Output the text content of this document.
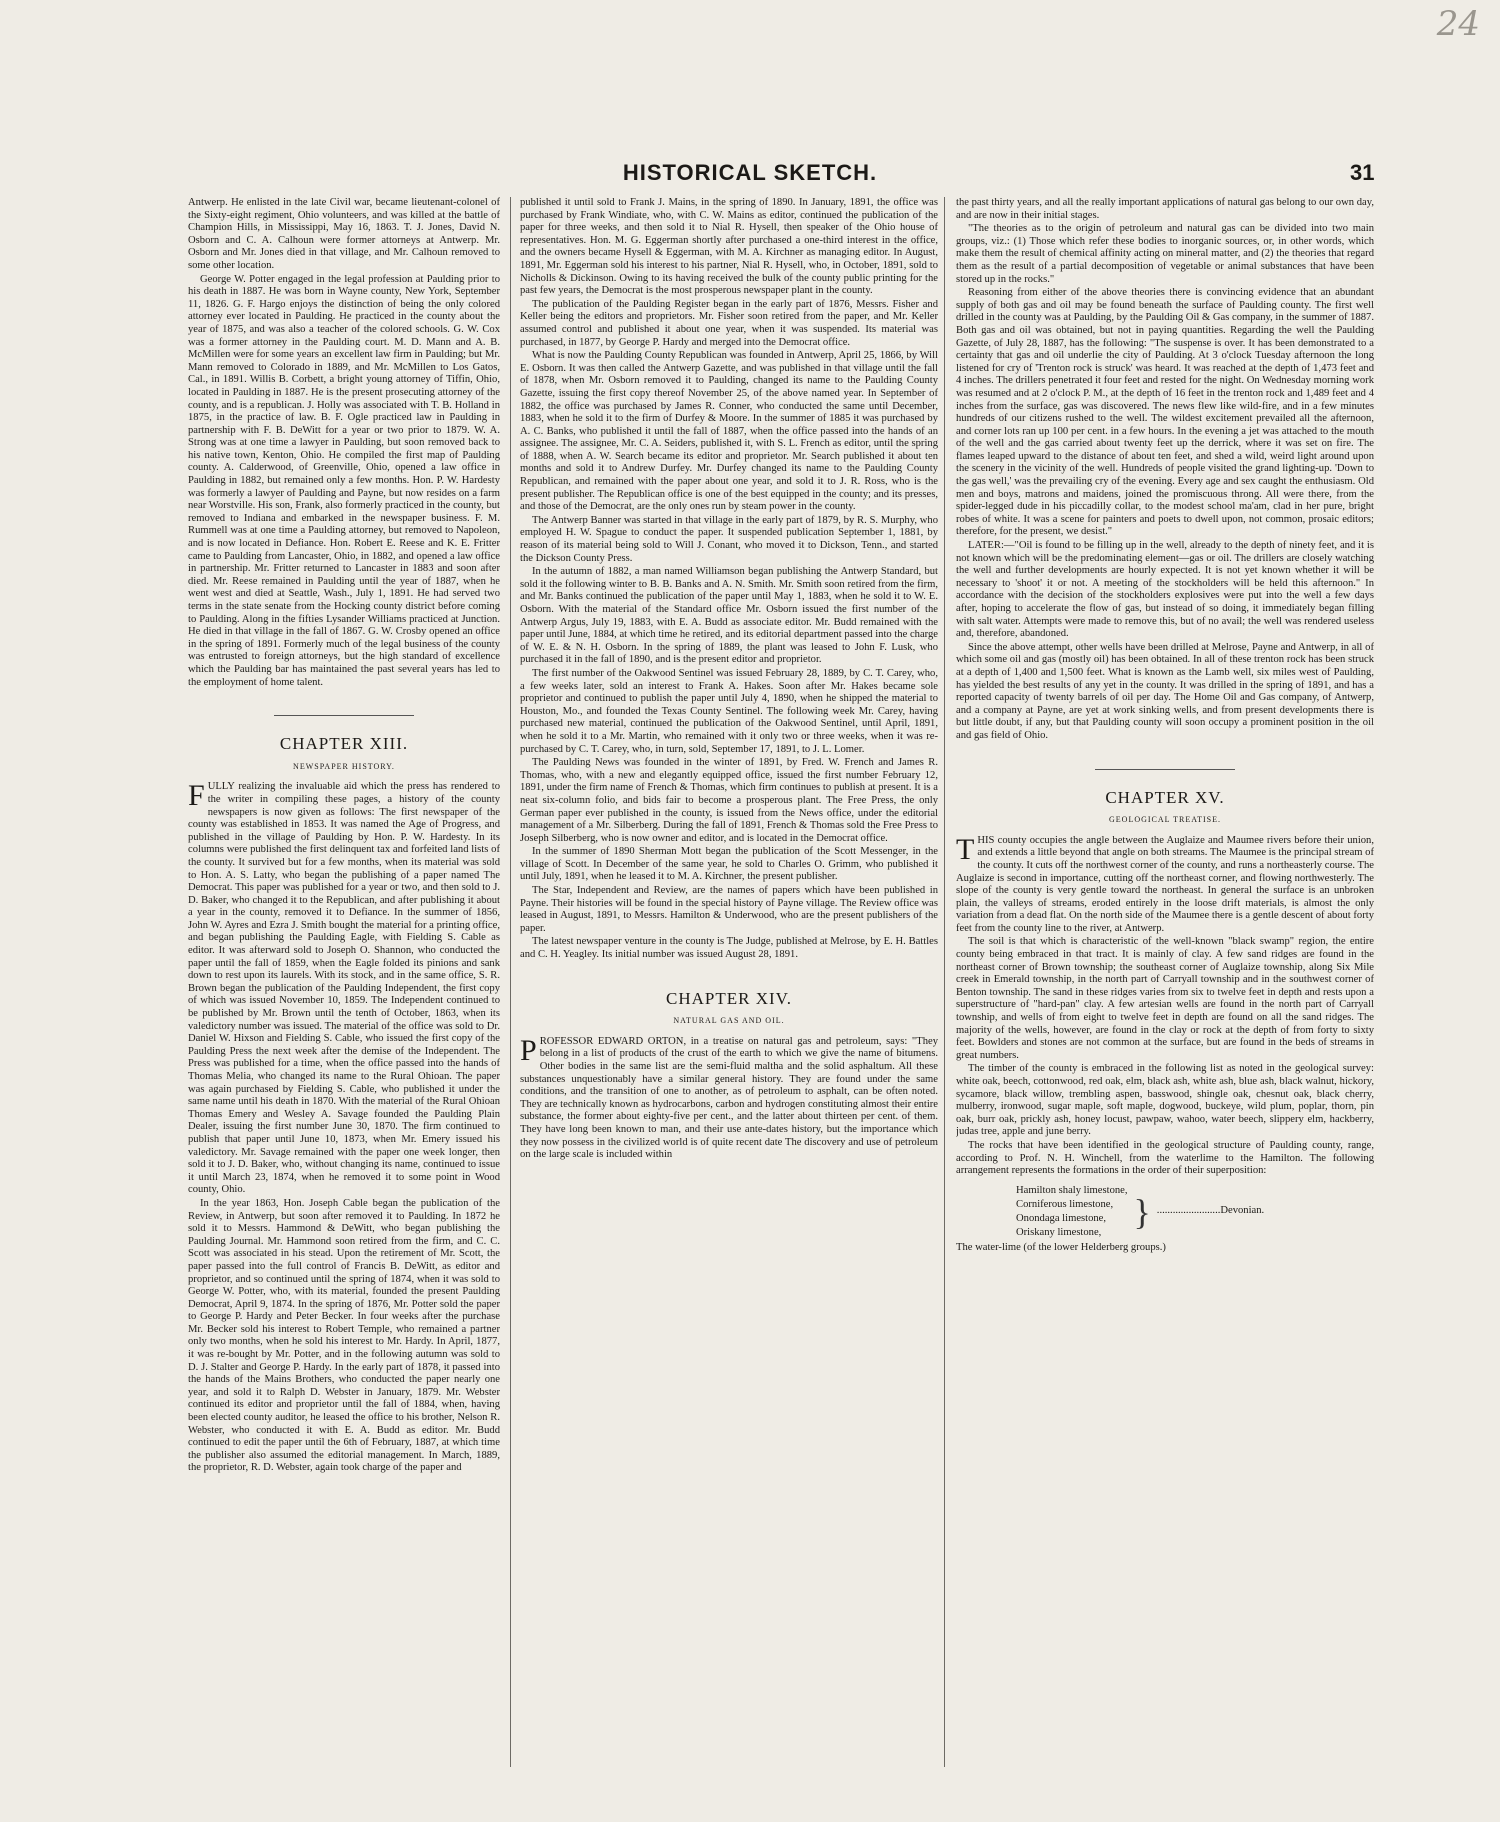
24
HISTORICAL SKETCH.	31

Antwerp. He enlisted in the late Civil war, became lieutenant-colonel of the Sixty-eight regiment, Ohio volunteers, and was killed at the battle of Champion Hills, in Mississippi, May 16, 1863. T. J. Jones, David N. Osborn and C. A. Calhoun were former attorneys at Antwerp. Mr. Osborn and Mr. Jones died in that village, and Mr. Calhoun removed to some other location.

George W. Potter engaged in the legal profession at Paulding prior to his death in 1887. He was born in Wayne county, New York, September 11, 1826. G. F. Hargo enjoys the distinction of being the only colored attorney ever located in Paulding. He practiced in the county about the year of 1875, and was also a teacher of the colored schools. G. W. Cox was a former attorney in the Paulding court. M. D. Mann and A. B. McMillen were for some years an excellent law firm in Paulding; but Mr. Mann removed to Colorado in 1889, and Mr. McMillen to Los Gatos, Cal., in 1891. Willis B. Corbett, a bright young attorney of Tiffin, Ohio, located in Paulding in 1887. He is the present prosecuting attorney of the county, and is a republican. J. Holly was associated with T. B. Holland in 1875, in the practice of law. B. F. Ogle practiced law in Paulding in partnership with F. B. DeWitt for a year or two prior to 1879. W. A. Strong was at one time a lawyer in Paulding, but soon removed back to his native town, Kenton, Ohio. He compiled the first map of Paulding county. A. Calderwood, of Greenville, Ohio, opened a law office in Paulding in 1882, but remained only a few months. Hon. P. W. Hardesty was formerly a lawyer of Paulding and Payne, but now resides on a farm near Worstville. His son, Frank, also formerly practiced in the county, but removed to Indiana and embarked in the newspaper business. F. M. Rummell was at one time a Paulding attorney, but removed to Napoleon, and is now located in Defiance. Hon. Robert E. Reese and K. E. Fritter came to Paulding from Lancaster, Ohio, in 1882, and opened a law office in partnership. Mr. Fritter returned to Lancaster in 1883 and soon after died. Mr. Reese remained in Paulding until the year of 1887, when he went west and died at Seattle, Wash., July 1, 1891. He had served two terms in the state senate from the Hocking county district before coming to Paulding. Along in the fifties Lysander Williams practiced at Junction. He died in that village in the fall of 1867. G. W. Crosby opened an office in the spring of 1891. Formerly much of the legal business of the county was entrusted to foreign attorneys, but the high standard of excellence which the Paulding bar has maintained the past several years has led to the employment of home talent.

CHAPTER XIII.
NEWSPAPER HISTORY.

FULLY realizing the invaluable aid which the press has rendered to the writer in compiling these pages, a history of the county newspapers is now given as follows: The first newspaper of the county was established in 1853. It was named the Age of Progress, and published in the village of Paulding by Hon. P. W. Hardesty. In its columns were published the first delinquent tax and forfeited land lists of the county. It survived but for a few months, when its material was sold to Hon. A. S. Latty, who began the publishing of a paper named The Democrat. This paper was published for a year or two, and then sold to J. D. Baker, who changed it to the Republican, and after publishing it about a year in the county, removed it to Defiance. In the summer of 1856, John W. Ayres and Ezra J. Smith bought the material for a printing office, and began publishing the Paulding Eagle, with Fielding S. Cable as editor. It was afterward sold to Joseph O. Shannon, who conducted the paper until the fall of 1859, when the Eagle folded its pinions and sank down to rest upon its laurels. With its stock, and in the same office, S. R. Brown began the publication of the Paulding Independent, the first copy of which was issued November 10, 1859. The Independent continued to be published by Mr. Brown until the tenth of October, 1863, when its valedictory number was issued. The material of the office was sold to Dr. Daniel W. Hixson and Fielding S. Cable, who issued the first copy of the Paulding Press the next week after the demise of the Independent. The Press was published for a time, when the office passed into the hands of Thomas Melia, who changed its name to the Rural Ohioan. The paper was again purchased by Fielding S. Cable, who published it under the same name until his death in 1870. With the material of the Rural Ohioan Thomas Emery and Wesley A. Savage founded the Paulding Plain Dealer, issuing the first number June 30, 1870. The firm continued to publish that paper until June 10, 1873, when Mr. Emery issued his valedictory. Mr. Savage remained with the paper one week longer, then sold it to J. D. Baker, who, without changing its name, continued to issue it until March 23, 1874, when he removed it to some point in Wood county, Ohio.

In the year 1863, Hon. Joseph Cable began the publication of the Review, in Antwerp, but soon after removed it to Paulding. In 1872 he sold it to Messrs. Hammond & DeWitt, who began publishing the Paulding Journal. Mr. Hammond soon retired from the firm, and C. C. Scott was associated in his stead. Upon the retirement of Mr. Scott, the paper passed into the full control of Francis B. DeWitt, as editor and proprietor, and so continued until the spring of 1874, when it was sold to George W. Potter, who, with its material, founded the present Paulding Democrat, April 9, 1874. In the spring of 1876, Mr. Potter sold the paper to George P. Hardy and Peter Becker. In four weeks after the purchase Mr. Becker sold his interest to Robert Temple, who remained a partner only two months, when he sold his interest to Mr. Hardy. In April, 1877, it was re-bought by Mr. Potter, and in the following autumn was sold to D. J. Stalter and George P. Hardy. In the early part of 1878, it passed into the hands of the Mains Brothers, who conducted the paper nearly one year, and sold it to Ralph D. Webster in January, 1879. Mr. Webster continued its editor and proprietor until the fall of 1884, when, having been elected county auditor, he leased the office to his brother, Nelson R. Webster, who conducted it with E. A. Budd as editor. Mr. Budd continued to edit the paper until the 6th of February, 1887, at which time the publisher also assumed the editorial management. In March, 1889, the proprietor, R. D. Webster, again took charge of the paper and

published it until sold to Frank J. Mains, in the spring of 1890. In January, 1891, the office was purchased by Frank Windiate, who, with C. W. Mains as editor, continued the publication of the paper for three weeks, and then sold it to Nial R. Hysell, then speaker of the Ohio house of representatives. Hon. M. G. Eggerman shortly after purchased a one-third interest in the office, and the owners became Hysell & Eggerman, with M. A. Kirchner as managing editor. In August, 1891, Mr. Eggerman sold his interest to his partner, Nial R. Hysell, who, in October, 1891, sold to Nicholls & Dickinson. Owing to its having received the bulk of the county public printing for the past few years, the Democrat is the most prosperous newspaper plant in the county.

The publication of the Paulding Register began in the early part of 1876, Messrs. Fisher and Keller being the editors and proprietors. Mr. Fisher soon retired from the paper, and Mr. Keller assumed control and published it about one year, when it was suspended. Its material was purchased, in 1877, by George P. Hardy and merged into the Democrat office.

What is now the Paulding County Republican was founded in Antwerp, April 25, 1866, by Will E. Osborn. It was then called the Antwerp Gazette, and was published in that village until the fall of 1878, when Mr. Osborn removed it to Paulding, changed its name to the Paulding County Gazette, issuing the first copy thereof November 25, of the above named year. In September of 1882, the office was purchased by James R. Conner, who conducted the same until December, 1883, when he sold it to the firm of Durfey & Moore. In the summer of 1885 it was purchased by A. C. Banks, who published it until the fall of 1887, when the office passed into the hands of an assignee. The assignee, Mr. C. A. Seiders, published it, with S. L. French as editor, until the spring of 1888, when A. W. Search became its editor and proprietor. Mr. Search published it about ten months and sold it to Andrew Durfey. Mr. Durfey changed its name to the Paulding County Republican, and remained with the paper about one year, and sold it to J. R. Ross, who is the present publisher. The Republican office is one of the best equipped in the county; and its presses, and those of the Democrat, are the only ones run by steam power in the county.

The Antwerp Banner was started in that village in the early part of 1879, by R. S. Murphy, who employed H. W. Spague to conduct the paper. It suspended publication September 1, 1881, by reason of its material being sold to Will J. Conant, who moved it to Dickson, Tenn., and started the Dickson County Press.

In the autumn of 1882, a man named Williamson began publishing the Antwerp Standard, but sold it the following winter to B. B. Banks and A. N. Smith. Mr. Smith soon retired from the firm, and Mr. Banks continued the publication of the paper until May 1, 1883, when he sold it to W. E. Osborn. With the material of the Standard office Mr. Osborn issued the first number of the Antwerp Argus, July 19, 1883, with E. A. Budd as associate editor. Mr. Budd remained with the paper until June, 1884, at which time he retired, and its editorial department passed into the charge of W. E. & N. H. Osborn. In the spring of 1889, the plant was leased to John F. Lusk, who purchased it in the fall of 1890, and is the present editor and proprietor.

The first number of the Oakwood Sentinel was issued February 28, 1889, by C. T. Carey, who, a few weeks later, sold an interest to Frank A. Hakes. Soon after Mr. Hakes became sole proprietor and continued to publish the paper until July 4, 1890, when he shipped the material to Houston, Mo., and founded the Texas County Sentinel. The following week Mr. Carey, having purchased new material, continued the publication of the Oakwood Sentinel, until April, 1891, when he sold it to a Mr. Martin, who remained with it only two or three weeks, when it was re-purchased by C. T. Carey, who, in turn, sold, September 17, 1891, to J. L. Lomer.

The Paulding News was founded in the winter of 1891, by Fred. W. French and James R. Thomas, who, with a new and elegantly equipped office, issued the first number February 12, 1891, under the firm name of French & Thomas, which firm continues to publish at present. It is a neat six-column folio, and bids fair to become a prosperous plant. The Free Press, the only German paper ever published in the county, is issued from the News office, under the editorial management of a Mr. Silberberg. During the fall of 1891, French & Thomas sold the Free Press to Joseph Silberberg, who is now owner and editor, and is located in the Democrat office.

In the summer of 1890 Sherman Mott began the publication of the Scott Messenger, in the village of Scott. In December of the same year, he sold to Charles O. Grimm, who published it until July, 1891, when he leased it to M. A. Kirchner, the present publisher.

The Star, Independent and Review, are the names of papers which have been published in Payne. Their histories will be found in the special history of Payne village. The Review office was leased in August, 1891, to Messrs. Hamilton & Underwood, who are the present publishers of the paper.

The latest newspaper venture in the county is The Judge, published at Melrose, by E. H. Battles and C. H. Yeagley. Its initial number was issued August 28, 1891.

CHAPTER XIV.
NATURAL GAS AND OIL.

PROFESSOR EDWARD ORTON, in a treatise on natural gas and petroleum, says: "They belong in a list of products of the crust of the earth to which we give the name of bitumens. Other bodies in the same list are the semi-fluid maltha and the solid asphaltum. All these substances unquestionably have a similar general history. They are found under the same conditions, and the transition of one to another, as of petroleum to asphalt, can be often noted. They are technically known as hydrocarbons, carbon and hydrogen constituting almost their entire substance, the former about eighty-five per cent., and the latter about thirteen per cent. of them. They have long been known to man, and their use ante-dates history, but the importance which they now possess in the civilized world is of quite recent date The discovery and use of petroleum on the large scale is included within

the past thirty years, and all the really important applications of natural gas belong to our own day, and are now in their initial stages.

"The theories as to the origin of petroleum and natural gas can be divided into two main groups, viz.: (1) Those which refer these bodies to inorganic sources, or, in other words, which make them the result of chemical affinity acting on mineral matter, and (2) the theories that regard them as the result of a partial decomposition of vegetable or animal substances that have been stored up in the rocks."

Reasoning from either of the above theories there is convincing evidence that an abundant supply of both gas and oil may be found beneath the surface of Paulding county. The first well drilled in the county was at Paulding, by the Paulding Oil & Gas company, in the summer of 1887. Both gas and oil was obtained, but not in paying quantities. Regarding the well the Paulding Gazette, of July 28, 1887, has the following: "The suspense is over. It has been demonstrated to a certainty that gas and oil underlie the city of Paulding. At 3 o'clock Tuesday afternoon the long listened for cry of 'Trenton rock is struck' was heard. It was reached at the depth of 1,473 feet and 4 inches. The drillers penetrated it four feet and rested for the night. On Wednesday morning work was resumed and at 2 o'clock P. M., at the depth of 16 feet in the trenton rock and 1,489 feet and 4 inches from the surface, gas was discovered. The news flew like wild-fire, and in a few minutes hundreds of our citizens rushed to the well. The wildest excitement prevailed all the afternoon, and corner lots ran up 100 per cent. in a few hours. In the evening a jet was attached to the mouth of the well and the gas carried about twenty feet up the derrick, where it was set on fire. The flames leaped upward to the distance of about ten feet, and shed a wild, weird light around upon the scenery in the vicinity of the well. Hundreds of people visited the grand lighting-up. 'Down to the gas well,' was the prevailing cry of the evening. Every age and sex caught the enthusiasm. Old men and boys, matrons and maidens, joined the promiscuous throng. All were there, from the spider-legged dude in his piccadilly collar, to the modest school ma'am, clad in her pure, bright robes of white. It was a scene for painters and poets to dwell upon, not common, prosaic editors; therefore, for the present, we desist."

LATER:—"Oil is found to be filling up in the well, already to the depth of ninety feet, and it is not known which will be the predominating element—gas or oil. The drillers are closely watching the well and further developments are hourly expected. It is not yet known whether it will be necessary to 'shoot' it or not. A meeting of the stockholders will be held this afternoon." In accordance with the decision of the stockholders explosives were put into the well a few days after, hoping to accelerate the flow of gas, but instead of so doing, it immediately began filling with salt water. Attempts were made to remove this, but of no avail; the well was rendered useless and, therefore, abandoned.

Since the above attempt, other wells have been drilled at Melrose, Payne and Antwerp, in all of which some oil and gas (mostly oil) has been obtained. In all of these trenton rock has been struck at a depth of 1,400 and 1,500 feet. What is known as the Lamb well, six miles west of Paulding, has yielded the best results of any yet in the county. It was drilled in the spring of 1891, and has a reported capacity of twenty barrels of oil per day. The Home Oil and Gas company, of Antwerp, and a company at Payne, are yet at work sinking wells, and from present developments there is but little doubt, if any, but that Paulding county will soon occupy a prominent position in the oil and gas field of Ohio.

CHAPTER XV.
GEOLOGICAL TREATISE.

THIS county occupies the angle between the Auglaize and Maumee rivers before their union, and extends a little beyond that angle on both streams. The Maumee is the principal stream of the county. It cuts off the northwest corner of the county, and runs a northeasterly course. The Auglaize is second in importance, cutting off the northeast corner, and flowing northwesterly. The slope of the county is very gentle toward the northeast. In general the surface is an unbroken plain, the valleys of streams, eroded entirely in the loose drift materials, is almost the only variation from a dead flat. On the north side of the Maumee there is a gentle descent of about forty feet from the county line to the river, at Antwerp.

The soil is that which is characteristic of the well-known "black swamp" region, the entire county being embraced in that tract. It is mainly of clay. A few sand ridges are found in the northeast corner of Brown township; the southeast corner of Auglaize township, along Six Mile creek in Emerald township, in the north part of Carryall township and in the southwest corner of Benton township. The sand in these ridges varies from six to twelve feet in depth and rests upon a superstructure of "hard-pan" clay. A few artesian wells are found in the north part of Carryall township, and wells of from eight to twelve feet in depth are found on all the sand ridges. The majority of the wells, however, are found in the clay or rock at the depth of from forty to sixty feet. Bowlders and stones are not common at the surface, but are found in the beds of streams in great numbers.

The timber of the county is embraced in the following list as noted in the geological survey: white oak, beech, cottonwood, red oak, elm, black ash, white ash, blue ash, black walnut, hickory, sycamore, black willow, trembling aspen, basswood, shingle oak, chesnut oak, black cherry, mulberry, ironwood, sugar maple, soft maple, dogwood, buckeye, wild plum, poplar, thorn, pin oak, burr oak, prickly ash, honey locust, pawpaw, wahoo, water beech, slippery elm, hackberry, judas tree, apple and june berry.

The rocks that have been identified in the geological structure of Paulding county, range, according to Prof. N. H. Winchell, from the waterlime to the Hamilton. The following arrangement represents the formations in the order of their superposition:

Hamilton shaly limestone,
Corniferous limestone,
Onondaga limestone,
Oriskany limestone,
} ........................Devonian.
The water-lime (of the lower Helderberg groups.)
